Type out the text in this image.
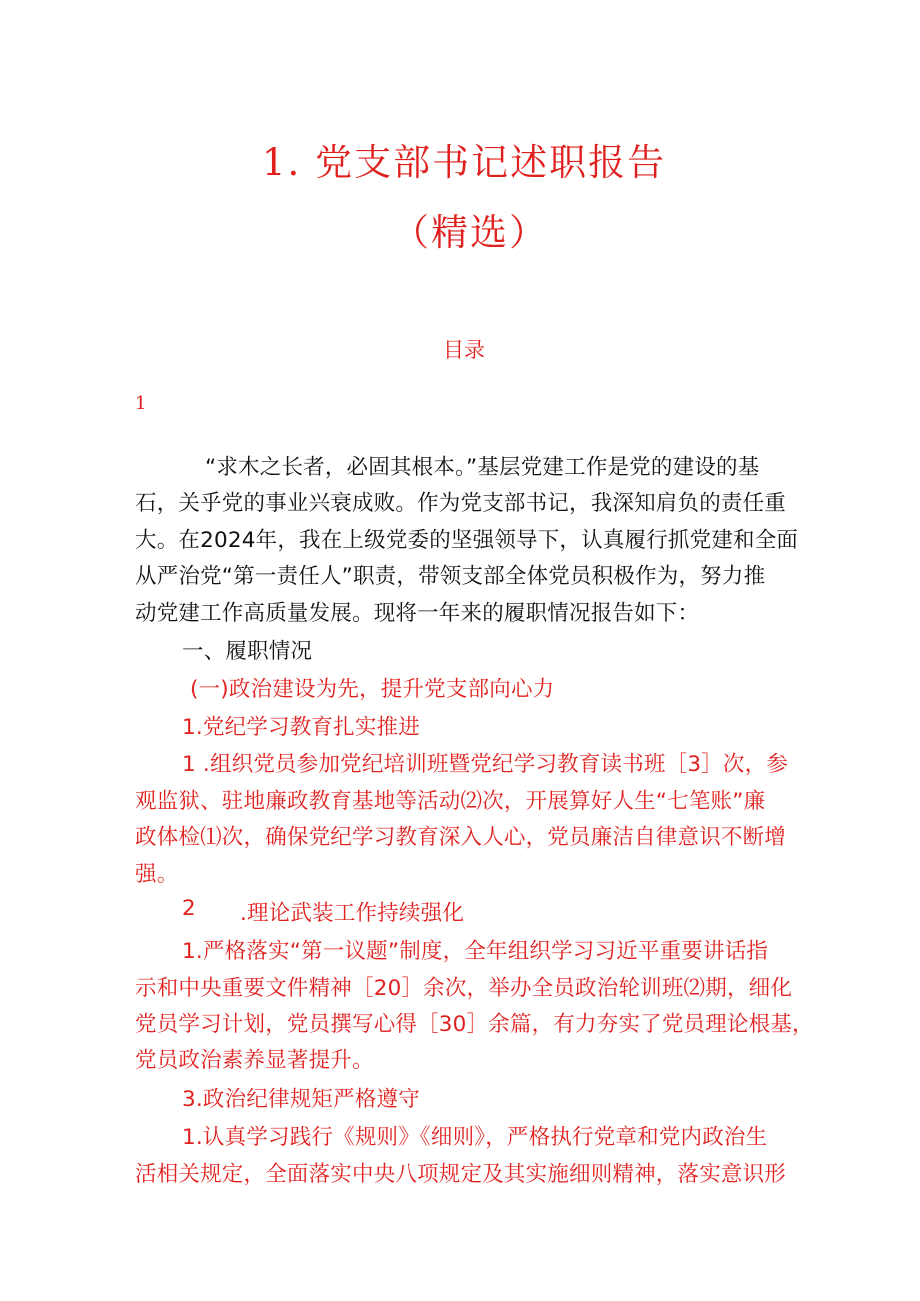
1. 党支部书记述职报告
（精选）
目录
1
“求木之长者，必固其根本。”基层党建工作是党的建设的基
石，关乎党的事业兴衰成败。作为党支部书记，我深知肩负的责任重
大。在2024年，我在上级党委的坚强领导下，认真履行抓党建和全面
从严治党“第一责任人”职责，带领支部全体党员积极作为，努力推
动党建工作高质量发展。现将一年来的履职情况报告如下：
一、履职情况
(一)政治建设为先，提升党支部向心力
1.党纪学习教育扎实推进
1 .组织党员参加党纪培训班暨党纪学习教育读书班［3］次，参
观监狱、驻地廉政教育基地等活动⑵次，开展算好人生“七笔账”廉
政体检⑴次，确保党纪学习教育深入人心，党员廉洁自律意识不断增
强。
2 .理论武装工作持续强化
1.严格落实“第一议题”制度，全年组织学习习近平重要讲话指
示和中央重要文件精神［20］余次，举办全员政治轮训班⑵期，细化
党员学习计划，党员撰写心得［30］余篇，有力夯实了党员理论根基，
党员政治素养显著提升。
3.政治纪律规矩严格遵守
1.认真学习践行《规则》《细则》，严格执行党章和党内政治生
活相关规定，全面落实中央八项规定及其实施细则精神，落实意识形
